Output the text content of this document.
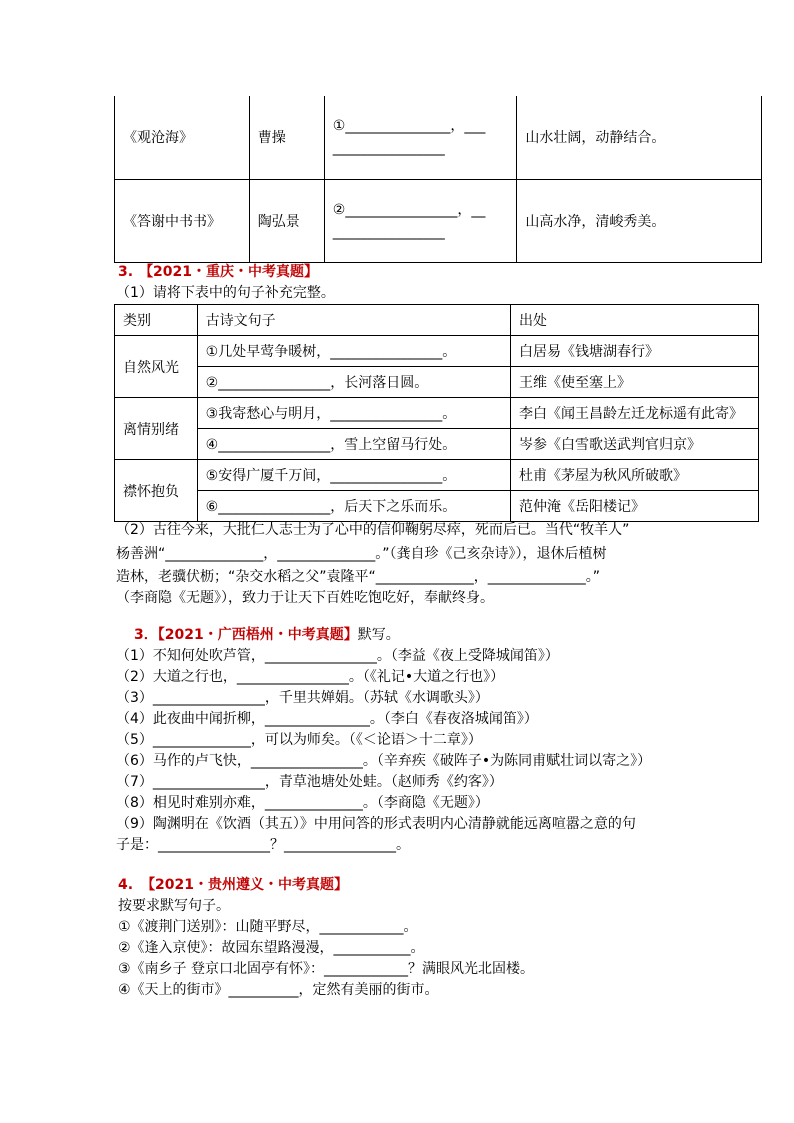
《观沧海》	曹操	①_______________，___
________________	山水壮阔，动静结合。
《答谢中书书》	陶弘景	②________________，__
________________	山高水净，清峻秀美。
3. 【2021・重庆・中考真题】
（1）请将下表中的句子补充完整。
类别	古诗文句子	出处
自然风光	①几处早莺争暖树，________________。	白居易《钱塘湖春行》
	②________________，长河落日圆。	王维《使至塞上》
离情别绪	③我寄愁心与明月，________________。	李白《闻王昌龄左迁龙标遥有此寄》
	④________________，雪上空留马行处。	岑参《白雪歌送武判官归京》
襟怀抱负	⑤安得广厦千万间，________________。	杜甫《茅屋为秋风所破歌》
	⑥________________，后天下之乐而乐。	范仲淹《岳阳楼记》
（2）古往今来，大批仁人志士为了心中的信仰鞠躬尽瘁，死而后已。当代“牧羊人”
杨善洲“______________，______________。”（龚自珍《己亥杂诗》），退休后植树
造林，老骥伏枥；“杂交水稻之父”袁隆平“______________，______________。”
（李商隐《无题》），致力于让天下百姓吃饱吃好，奉献终身。
3．【2021・广西梧州・中考真题】默写。
（1）不知何处吹芦管，________________。（李益《夜上受降城闻笛》）
（2）大道之行也，________________。（《礼记•大道之行也》）
（3）________________，千里共婵娟。（苏轼《水调歌头》）
（4）此夜曲中闻折柳，_______________。（李白《春夜洛城闻笛》）
（5）______________，可以为师矣。（《＜论语＞十二章》）
（6）马作的卢飞快，________________。（辛弃疾《破阵子•为陈同甫赋壮词以寄之》）
（7）________________，青草池塘处处蛙。（赵师秀《约客》）
（8）相见时难别亦难，______________。（李商隐《无题》）
（9）陶渊明在《饮酒（其五）》中用问答的形式表明内心清静就能远离喧嚣之意的句
子是：________________？________________。
4. 【2021・贵州遵义・中考真题】
按要求默写句子。
①《渡荆门送别》：山随平野尽，____________。
②《逢入京使》：故园东望路漫漫，___________。
③《南乡子 登京口北固亭有怀》：____________？满眼风光北固楼。
④《天上的街市》__________，定然有美丽的街市。
